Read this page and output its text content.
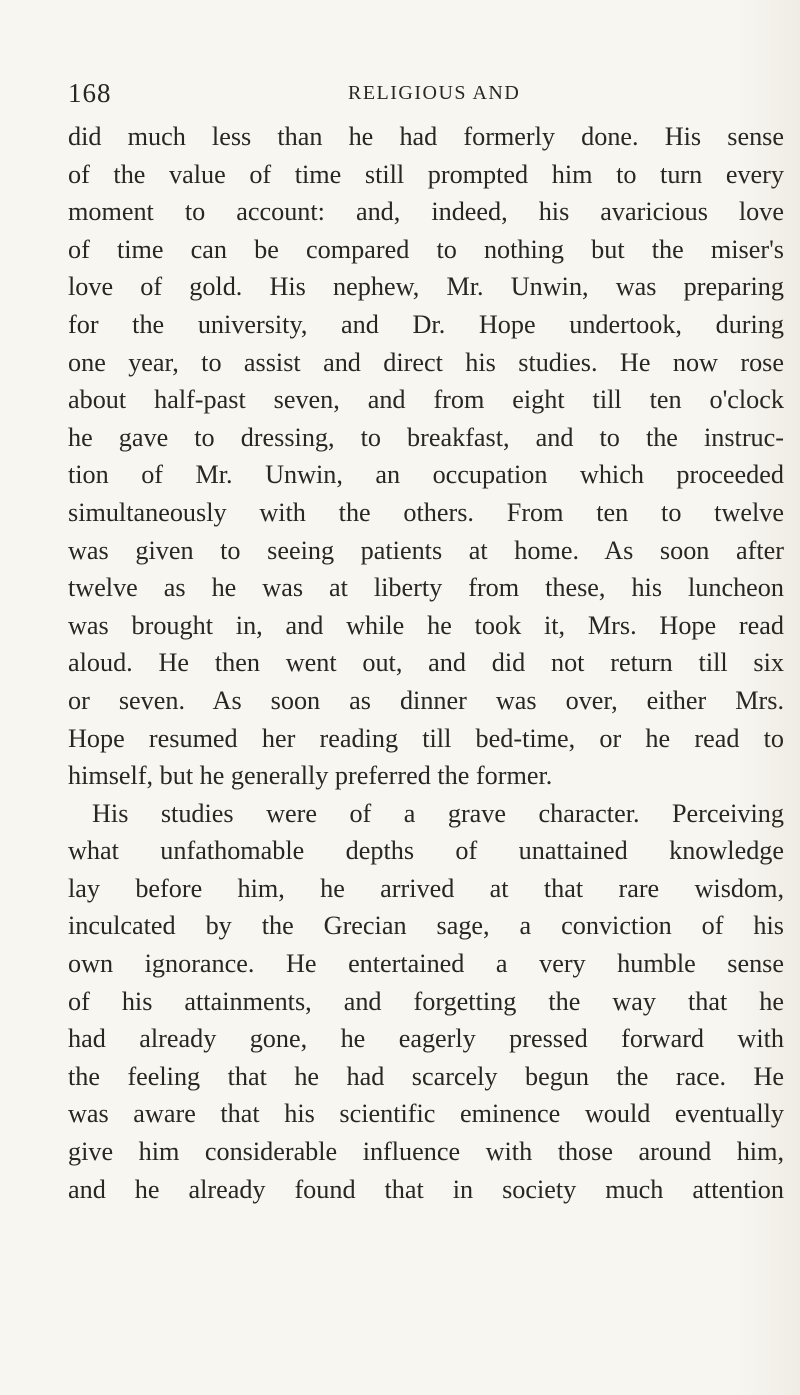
168	RELIGIOUS AND
did much less than he had formerly done. His sense
of the value of time still prompted him to turn every
moment to account: and, indeed, his avaricious love
of time can be compared to nothing but the miser's
love of gold. His nephew, Mr. Unwin, was preparing
for the university, and Dr. Hope undertook, during
one year, to assist and direct his studies. He now rose
about half-past seven, and from eight till ten o'clock
he gave to dressing, to breakfast, and to the instruc-
tion of Mr. Unwin, an occupation which proceeded
simultaneously with the others. From ten to twelve
was given to seeing patients at home. As soon after
twelve as he was at liberty from these, his luncheon
was brought in, and while he took it, Mrs. Hope read
aloud. He then went out, and did not return till six
or seven. As soon as dinner was over, either Mrs.
Hope resumed her reading till bed-time, or he read to
himself, but he generally preferred the former.
His studies were of a grave character. Perceiving
what unfathomable depths of unattained knowledge
lay before him, he arrived at that rare wisdom,
inculcated by the Grecian sage, a conviction of his
own ignorance. He entertained a very humble sense
of his attainments, and forgetting the way that he
had already gone, he eagerly pressed forward with
the feeling that he had scarcely begun the race. He
was aware that his scientific eminence would eventually
give him considerable influence with those around him,
and he already found that in society much attention
